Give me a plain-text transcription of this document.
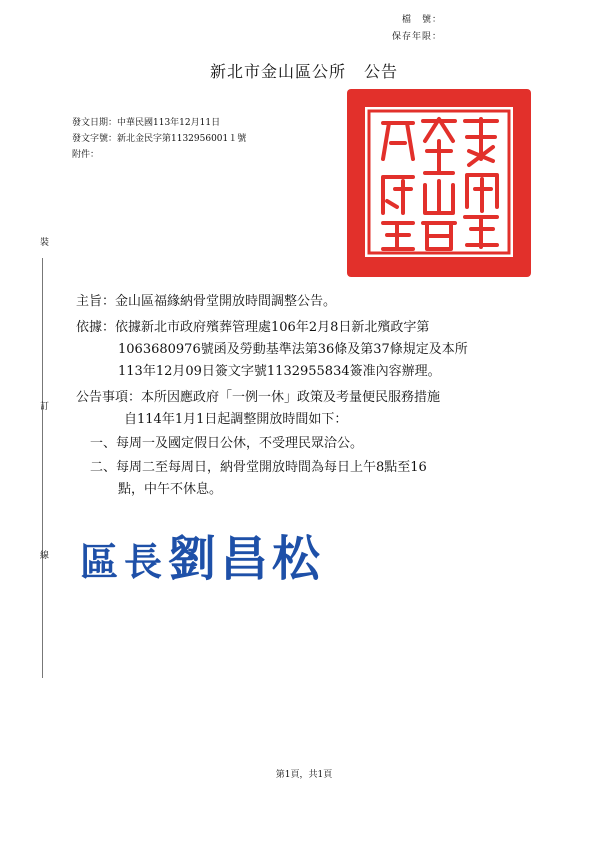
檔　號 ：
保存年限 ：
新北市金山區公所 公告
發文日期：中華民國113年12月11日
發文字號：新北金民字第1132956001１號
附件：
裝
訂
線
主旨：金山區福緣納骨堂開放時間調整公告。
依據：依據新北市政府殯葬管理處106年2月8日新北殯政字第
1063680976號函及勞動基準法第36條及第37條規定及本所
113年12月09日簽文字號1132955834簽准內容辦理。
公告事項：本所因應政府「一例一休」政策及考量便民服務措施
自114年1月1日起調整開放時間如下：
一、每周一及國定假日公休，不受理民眾洽公。
二、每周二至每周日，納骨堂開放時間為每日上午8點至16
點，中午不休息。
區長劉昌松
第1頁，共1頁
